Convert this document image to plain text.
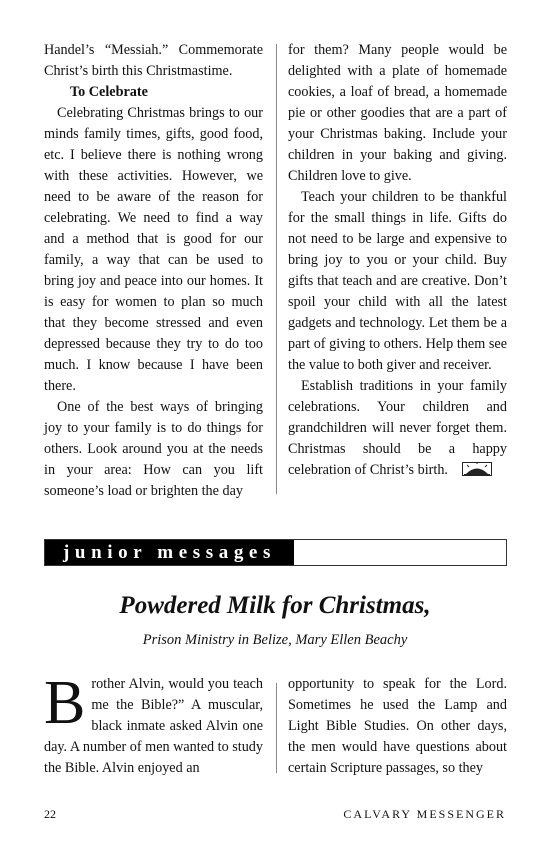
Handel’s “Messiah.” Commemorate Christ’s birth this Christmastime.

To Celebrate

Celebrating Christmas brings to our minds family times, gifts, good food, etc. I believe there is nothing wrong with these activities. However, we need to be aware of the reason for celebrating. We need to find a way and a method that is good for our family, a way that can be used to bring joy and peace into our homes. It is easy for women to plan so much that they become stressed and even depressed because they try to do too much. I know because I have been there.

One of the best ways of bringing joy to your family is to do things for others. Look around you at the needs in your area: How can you lift someone’s load or brighten the day

for them? Many people would be delighted with a plate of homemade cookies, a loaf of bread, a homemade pie or other goodies that are a part of your Christmas baking. Include your children in your baking and giving. Children love to give.

Teach your children to be thankful for the small things in life. Gifts do not need to be large and expensive to bring joy to you or your child. Buy gifts that teach and are creative. Don’t spoil your child with all the latest gadgets and technology. Let them be a part of giving to others. Help them see the value to both giver and receiver.

Establish traditions in your family celebrations. Your children and grandchildren will never forget them. Christmas should be a happy celebration of Christ’s birth.

junior messages
Powdered Milk for Christmas,
Prison Ministry in Belize, Mary Ellen Beachy

Brother Alvin, would you teach me the Bible?” A muscular, black inmate asked Alvin one day. A number of men wanted to study the Bible. Alvin enjoyed an

opportunity to speak for the Lord. Sometimes he used the Lamp and Light Bible Studies. On other days, the men would have questions about certain Scripture passages, so they

22	CALVARY MESSENGER
